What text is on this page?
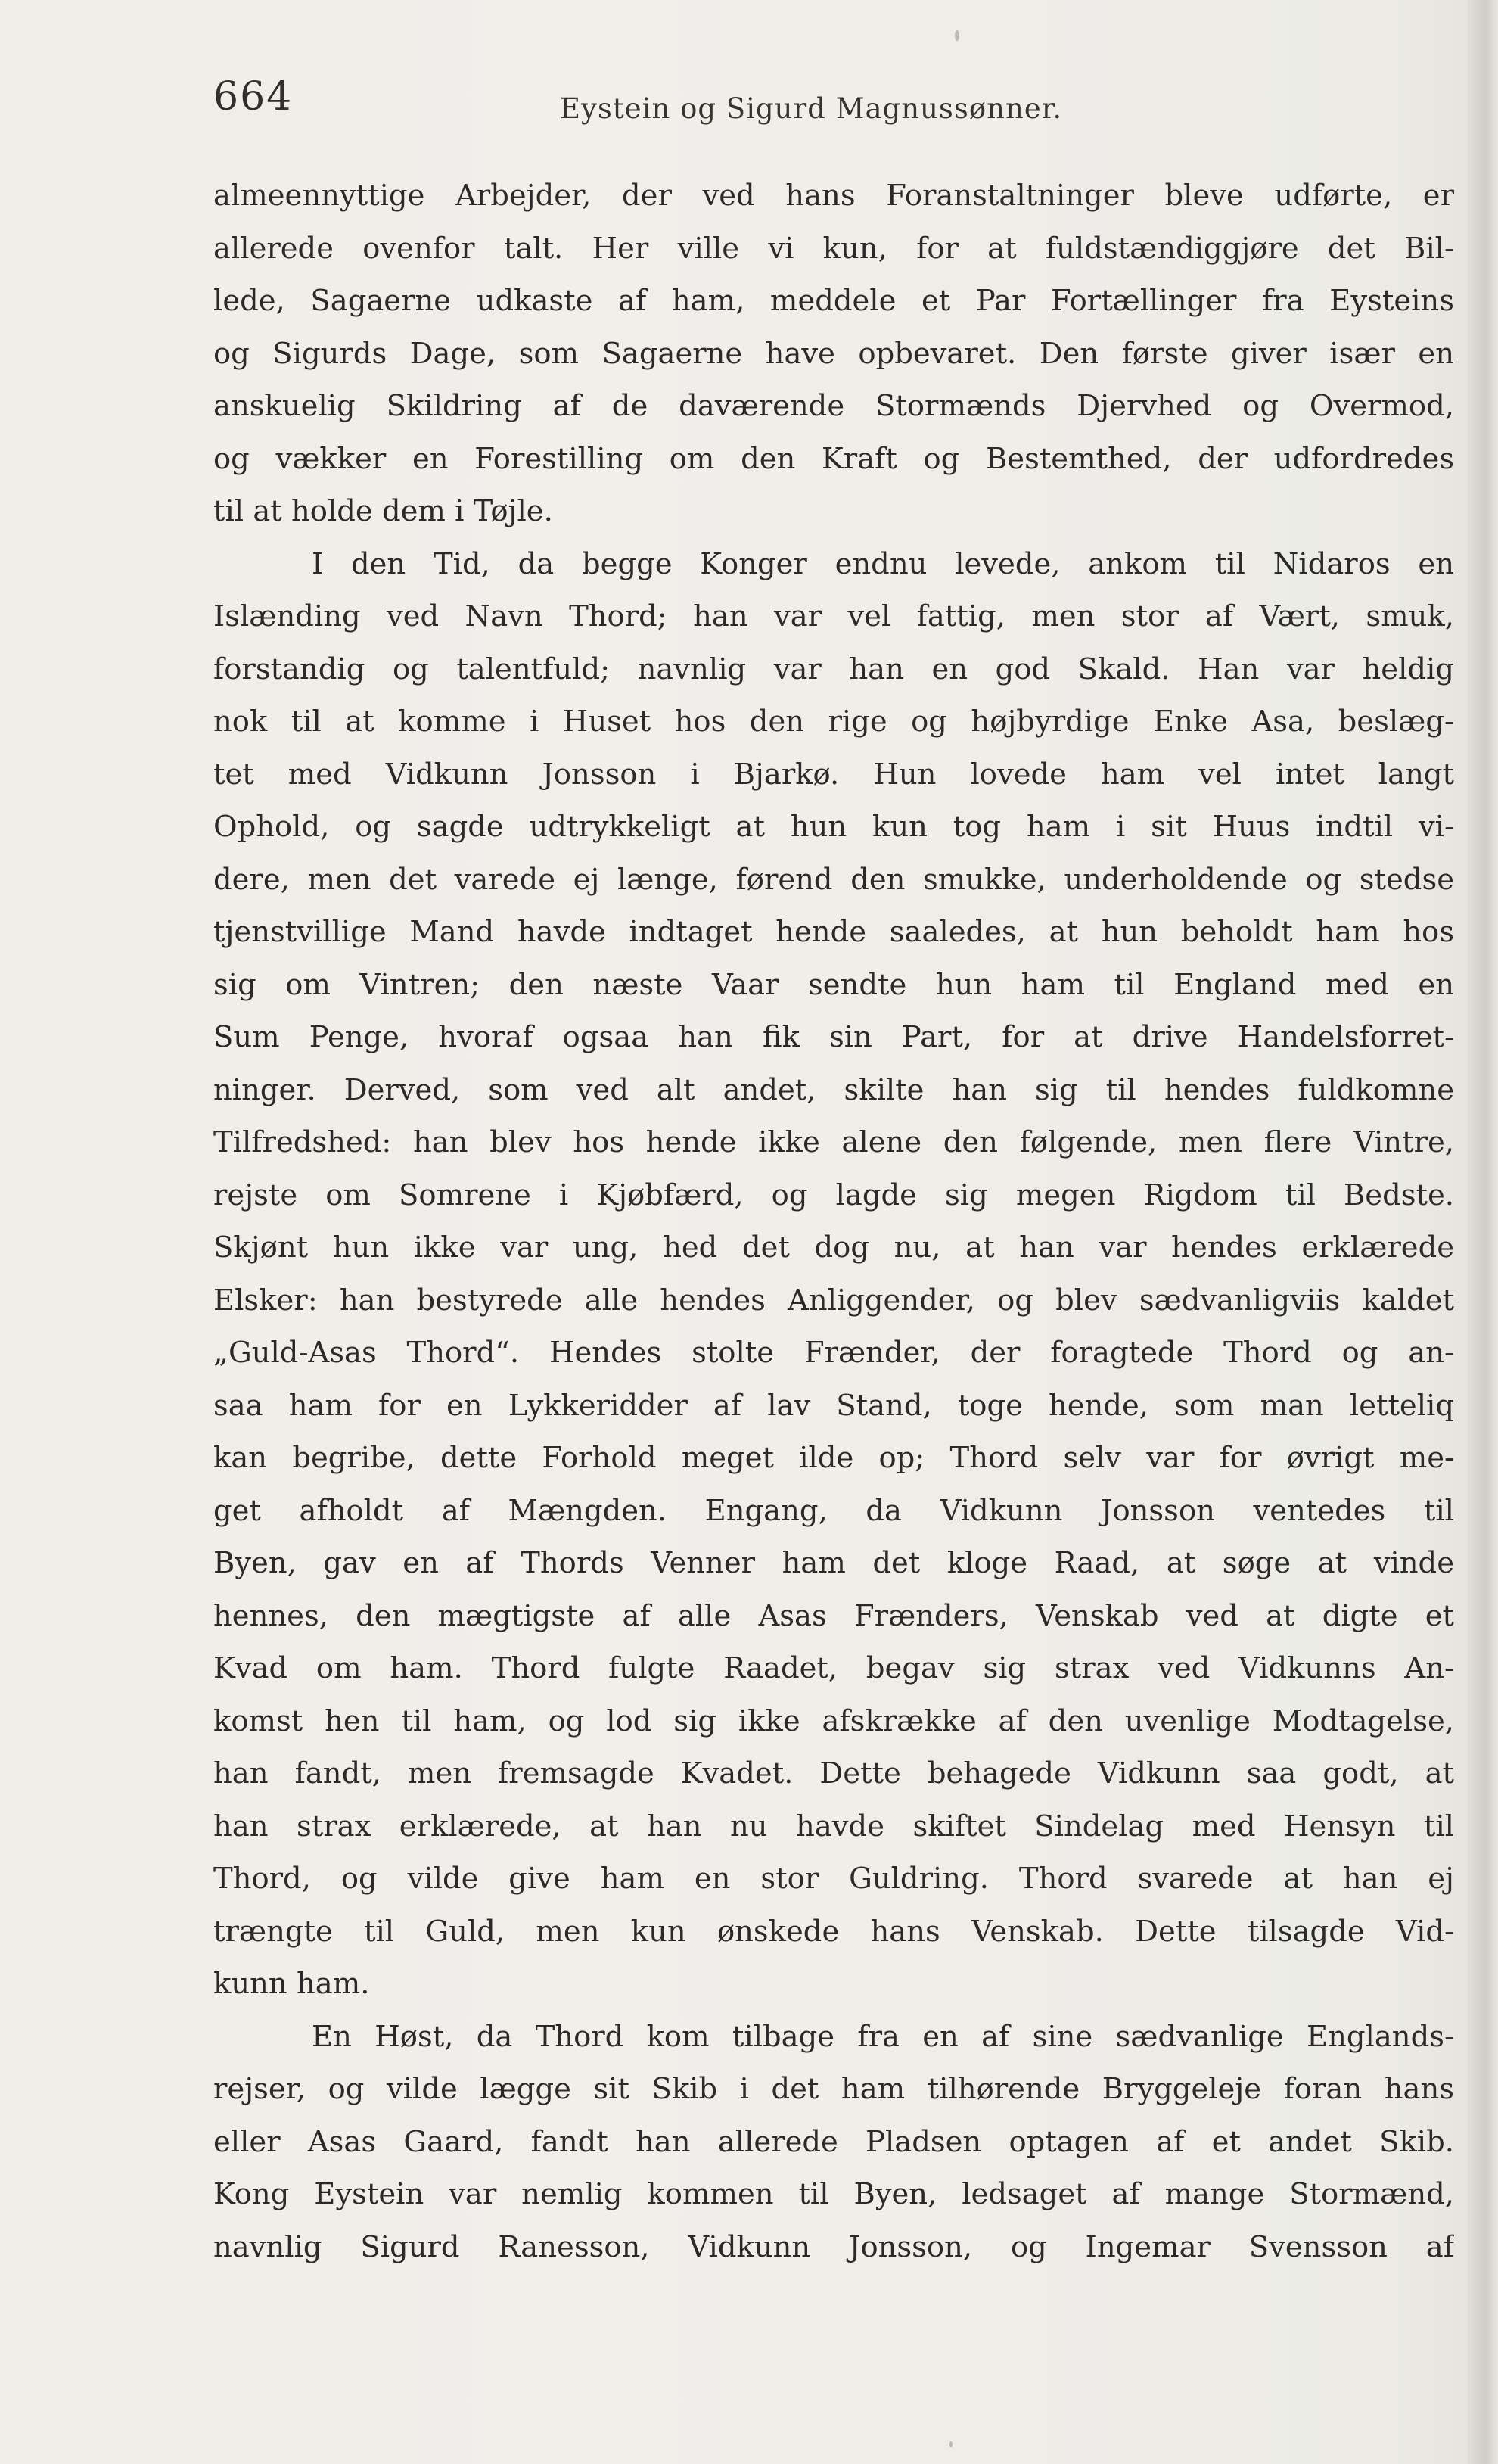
664	Eystein og Sigurd Magnussønner.
almeennyttige Arbejder, der ved hans Foranstaltninger bleve udførte, er
allerede ovenfor talt. Her ville vi kun, for at fuldstændiggjøre det Bil-
lede, Sagaerne udkaste af ham, meddele et Par Fortællinger fra Eysteins
og Sigurds Dage, som Sagaerne have opbevaret. Den første giver især en
anskuelig Skildring af de daværende Stormænds Djervhed og Overmod,
og vækker en Forestilling om den Kraft og Bestemthed, der udfordredes
til at holde dem i Tøjle.
I den Tid, da begge Konger endnu levede, ankom til Nidaros en
Islænding ved Navn Thord; han var vel fattig, men stor af Vært, smuk,
forstandig og talentfuld; navnlig var han en god Skald. Han var heldig
nok til at komme i Huset hos den rige og højbyrdige Enke Asa, beslæg-
tet med Vidkunn Jonsson i Bjarkø. Hun lovede ham vel intet langt
Ophold, og sagde udtrykkeligt at hun kun tog ham i sit Huus indtil vi-
dere, men det varede ej længe, førend den smukke, underholdende og stedse
tjenstvillige Mand havde indtaget hende saaledes, at hun beholdt ham hos
sig om Vintren; den næste Vaar sendte hun ham til England med en
Sum Penge, hvoraf ogsaa han fik sin Part, for at drive Handelsforret-
ninger. Derved, som ved alt andet, skilte han sig til hendes fuldkomne
Tilfredshed: han blev hos hende ikke alene den følgende, men flere Vintre,
rejste om Somrene i Kjøbfærd, og lagde sig megen Rigdom til Bedste.
Skjønt hun ikke var ung, hed det dog nu, at han var hendes erklærede
Elsker: han bestyrede alle hendes Anliggender, og blev sædvanligviis kaldet
„Guld-Asas Thord“. Hendes stolte Frænder, der foragtede Thord og an-
saa ham for en Lykkeridder af lav Stand, toge hende, som man letteliq
kan begribe, dette Forhold meget ilde op; Thord selv var for øvrigt me-
get afholdt af Mængden. Engang, da Vidkunn Jonsson ventedes til
Byen, gav en af Thords Venner ham det kloge Raad, at søge at vinde
hennes, den mægtigste af alle Asas Frænders, Venskab ved at digte et
Kvad om ham. Thord fulgte Raadet, begav sig strax ved Vidkunns An-
komst hen til ham, og lod sig ikke afskrække af den uvenlige Modtagelse,
han fandt, men fremsagde Kvadet. Dette behagede Vidkunn saa godt, at
han strax erklærede, at han nu havde skiftet Sindelag med Hensyn til
Thord, og vilde give ham en stor Guldring. Thord svarede at han ej
trængte til Guld, men kun ønskede hans Venskab. Dette tilsagde Vid-
kunn ham.
En Høst, da Thord kom tilbage fra en af sine sædvanlige Englands-
rejser, og vilde lægge sit Skib i det ham tilhørende Bryggeleje foran hans
eller Asas Gaard, fandt han allerede Pladsen optagen af et andet Skib.
Kong Eystein var nemlig kommen til Byen, ledsaget af mange Stormænd,
navnlig Sigurd Ranesson, Vidkunn Jonsson, og Ingemar Svensson af
